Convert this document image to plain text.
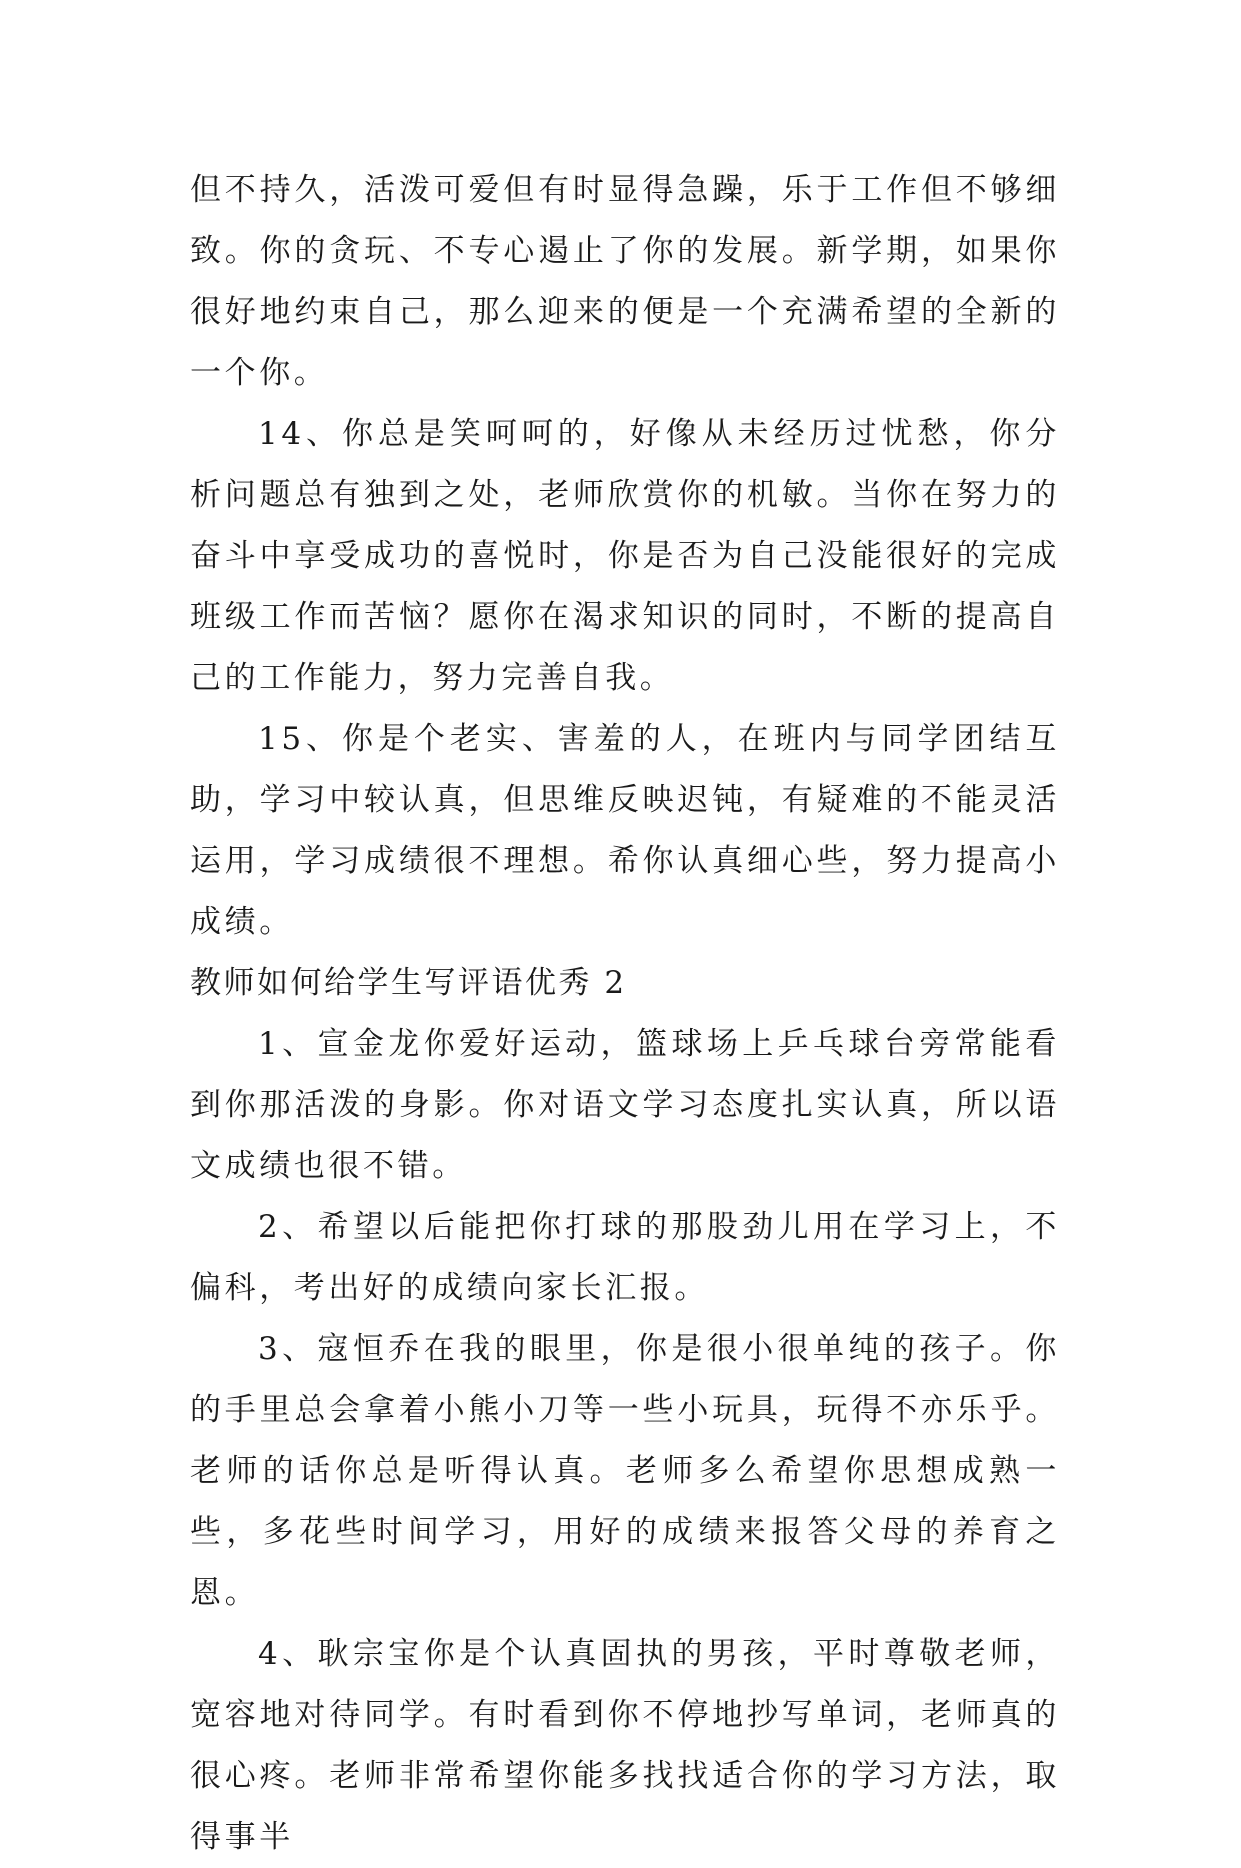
但不持久，活泼可爱但有时显得急躁，乐于工作但不够细致。你的贪玩、不专心遏止了你的发展。新学期，如果你很好地约束自己，那么迎来的便是一个充满希望的全新的一个你。

14、你总是笑呵呵的，好像从未经历过忧愁，你分析问题总有独到之处，老师欣赏你的机敏。当你在努力的奋斗中享受成功的喜悦时，你是否为自己没能很好的完成班级工作而苦恼？愿你在渴求知识的同时，不断的提高自己的工作能力，努力完善自我。

15、你是个老实、害羞的人，在班内与同学团结互助，学习中较认真，但思维反映迟钝，有疑难的不能灵活运用，学习成绩很不理想。希你认真细心些，努力提高小成绩。

教师如何给学生写评语优秀 2

1、宣金龙你爱好运动，篮球场上乒乓球台旁常能看到你那活泼的身影。你对语文学习态度扎实认真，所以语文成绩也很不错。

2、希望以后能把你打球的那股劲儿用在学习上，不偏科，考出好的成绩向家长汇报。

3、寇恒乔在我的眼里，你是很小很单纯的孩子。你的手里总会拿着小熊小刀等一些小玩具，玩得不亦乐乎。老师的话你总是听得认真。老师多么希望你思想成熟一些，多花些时间学习，用好的成绩来报答父母的养育之恩。

4、耿宗宝你是个认真固执的男孩，平时尊敬老师，宽容地对待同学。有时看到你不停地抄写单词，老师真的很心疼。老师非常希望你能多找找适合你的学习方法，取得事半
